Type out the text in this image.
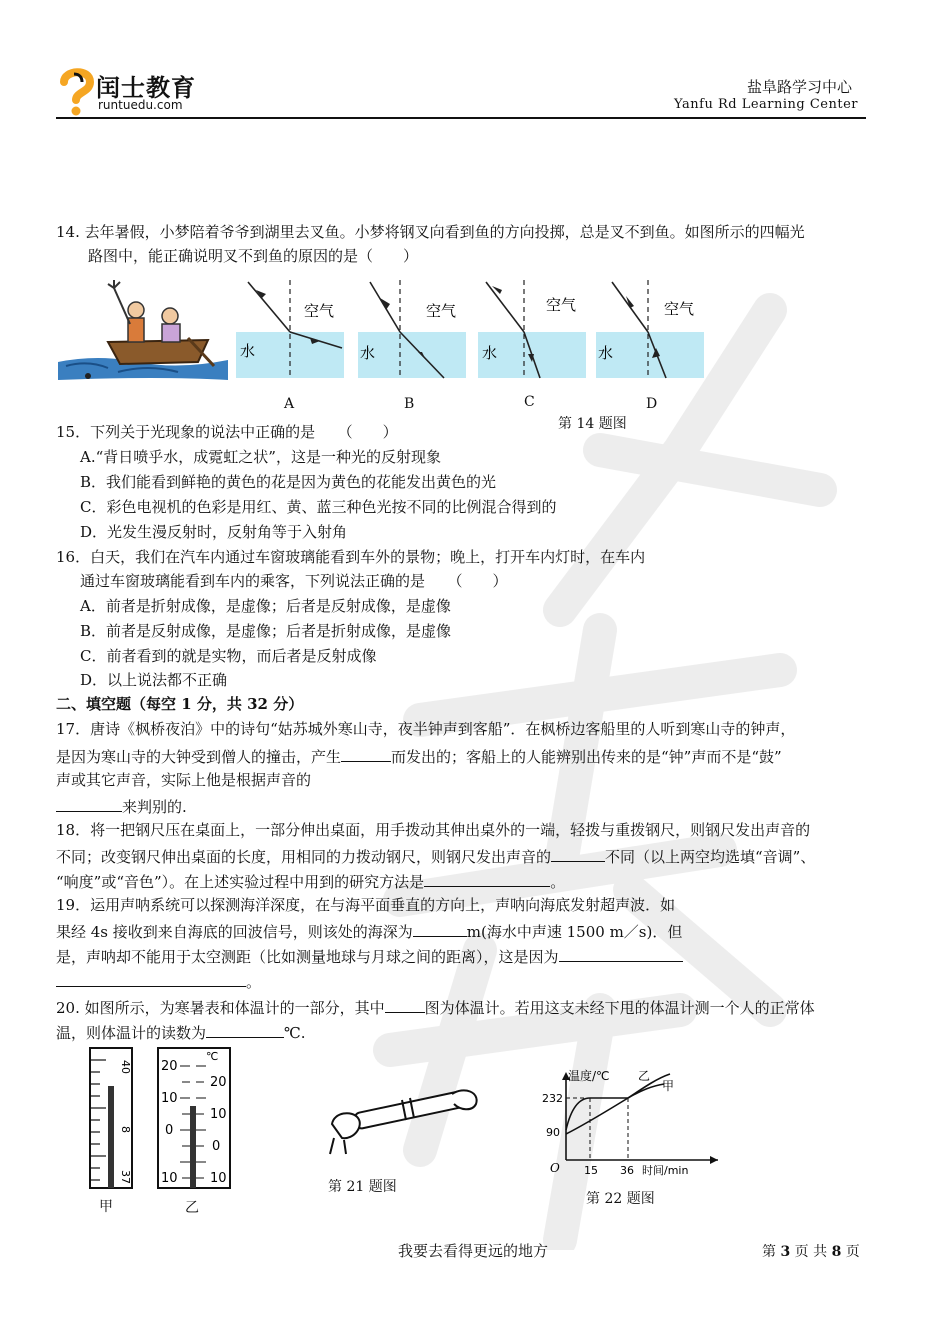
闰士教育
runtuedu.com
盐阜路学习中心
Yanfu Rd Learning Center
14. 去年暑假，小梦陪着爷爷到湖里去叉鱼。小梦将钢叉向看到鱼的方向投掷，总是叉不到鱼。如图所示的四幅光
路图中，能正确说明叉不到鱼的原因的是（　　）
空气
水
空气
水
空气
水
空气
水
A	B	C	D
第 14 题图
15．下列关于光现象的说法中正确的是　　（　　）
A.“背日喷乎水，成霓虹之状”，这是一种光的反射现象
B．我们能看到鲜艳的黄色的花是因为黄色的花能发出黄色的光
C．彩色电视机的色彩是用红、黄、蓝三种色光按不同的比例混合得到的
D．光发生漫反射时，反射角等于入射角
16．白天，我们在汽车内通过车窗玻璃能看到车外的景物；晚上，打开车内灯时，在车内
通过车窗玻璃能看到车内的乘客，下列说法正确的是　　（　　）
A．前者是折射成像，是虚像；后者是反射成像，是虚像
B．前者是反射成像，是虚像；后者是折射成像，是虚像
C．前者看到的就是实物，而后者是反射成像
D．以上说法都不正确
二、填空题（每空 1 分，共 32 分）
17．唐诗《枫桥夜泊》中的诗句“姑苏城外寒山寺，夜半钟声到客船”．在枫桥边客船里的人听到寒山寺的钟声，
是因为寒山寺的大钟受到僧人的撞击，产生	而发出的；客船上的人能辨别出传来的是“钟”声而不是“鼓”
声或其它声音，实际上他是根据声音的
来判别的.
18．将一把钢尺压在桌面上，一部分伸出桌面，用手拨动其伸出桌外的一端，轻拨与重拨钢尺，则钢尺发出声音的
不同；改变钢尺伸出桌面的长度，用相同的力拨动钢尺，则钢尺发出声音的	不同（以上两空均选填“音调”、
“响度”或“音色”）。在上述实验过程中用到的研究方法是	。
19．运用声呐系统可以探测海洋深度，在与海平面垂直的方向上，声呐向海底发射超声波．如
果经 4s 接收到来自海底的回波信号，则该处的海深为	m(海水中声速 1500 m／s)．但
是，声呐却不能用于太空测距（比如测量地球与月球之间的距离），这是因为
。
20. 如图所示，为寒暑表和体温计的一部分，其中	图为体温计。若用这支未经下甩的体温计测一个人的正常体
温，则体温计的读数为	℃.
40
8
37
甲
℃
20
10
0
10
20
10
0
10
乙
第 21 题图
温度/℃ 乙
甲
232
90
O 15 36 时间/min
第 22 题图
我要去看得更远的地方	第 3 页 共 8 页
